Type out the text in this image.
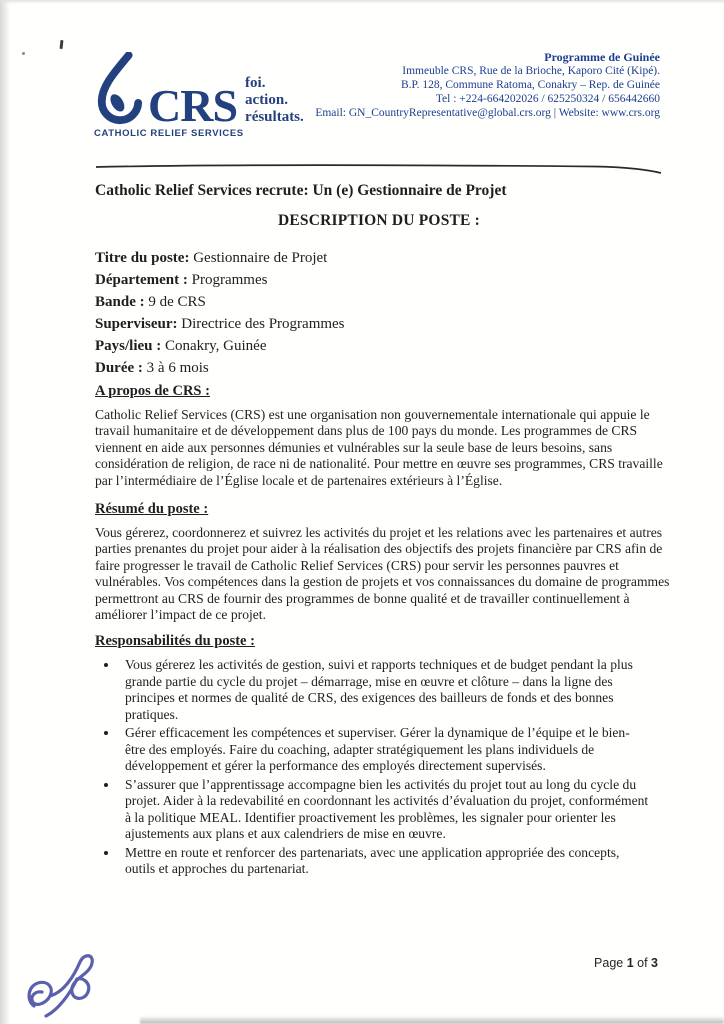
CRS foi.
action.
résultats.
CATHOLIC RELIEF SERVICES
Programme de Guinée
Immeuble CRS, Rue de la Brioche, Kaporo Cité (Kipé).
B.P. 128, Commune Ratoma, Conakry – Rep. de Guinée
Tel : +224-664202026 / 625250324 / 656442660
Email: GN_CountryRepresentative@global.crs.org | Website: www.crs.org
Catholic Relief Services recrute: Un (e) Gestionnaire de Projet
DESCRIPTION DU POSTE :
Titre du poste: Gestionnaire de Projet
Département : Programmes
Bande : 9 de CRS
Superviseur: Directrice des Programmes
Pays/lieu : Conakry, Guinée
Durée : 3 à 6 mois
A propos de CRS :

Catholic Relief Services (CRS) est une organisation non gouvernementale internationale qui appuie le travail humanitaire et de développement dans plus de 100 pays du monde. Les programmes de CRS viennent en aide aux personnes démunies et vulnérables sur la seule base de leurs besoins, sans considération de religion, de race ni de nationalité. Pour mettre en œuvre ses programmes, CRS travaille par l’intermédiaire de l’Église locale et de partenaires extérieurs à l’Église.

Résumé du poste :

Vous gérerez, coordonnerez et suivrez les activités du projet et les relations avec les partenaires et autres parties prenantes du projet pour aider à la réalisation des objectifs des projets financière par CRS afin de faire progresser le travail de Catholic Relief Services (CRS) pour servir les personnes pauvres et vulnérables. Vos compétences dans la gestion de projets et vos connaissances du domaine de programmes permettront au CRS de fournir des programmes de bonne qualité et de travailler continuellement à améliorer l’impact de ce projet.

Responsabilités du poste :
• Vous gérerez les activités de gestion, suivi et rapports techniques et de budget pendant la plus grande partie du cycle du projet – démarrage, mise en œuvre et clôture – dans la ligne des principes et normes de qualité de CRS, des exigences des bailleurs de fonds et des bonnes pratiques.
• Gérer efficacement les compétences et superviser. Gérer la dynamique de l’équipe et le bien-être des employés. Faire du coaching, adapter stratégiquement les plans individuels de développement et gérer la performance des employés directement supervisés.
• S’assurer que l’apprentissage accompagne bien les activités du projet tout au long du cycle du projet. Aider à la redevabilité en coordonnant les activités d’évaluation du projet, conformément à la politique MEAL. Identifier proactivement les problèmes, les signaler pour orienter les ajustements aux plans et aux calendriers de mise en œuvre.
• Mettre en route et renforcer des partenariats, avec une application appropriée des concepts, outils et approches du partenariat.
Page 1 of 3
